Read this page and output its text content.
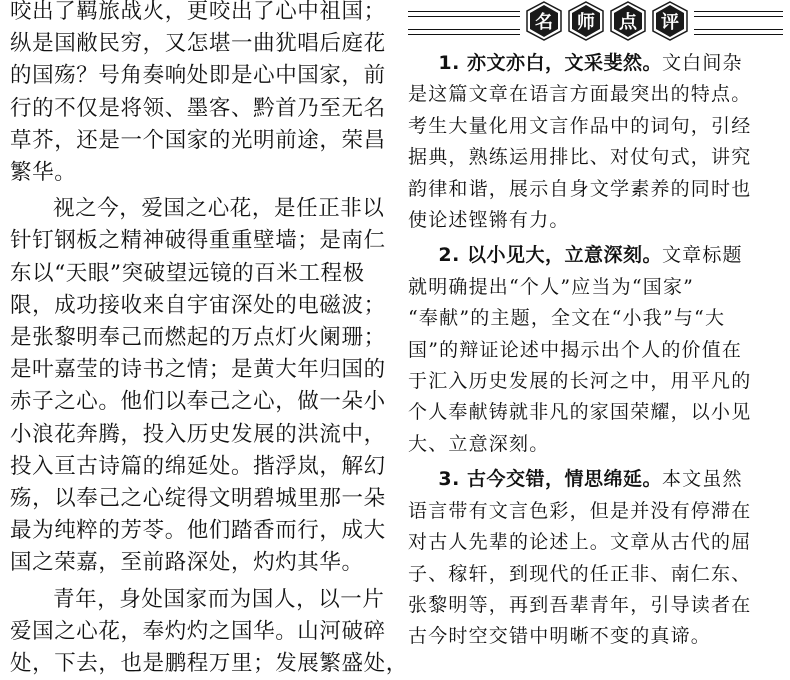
咬出了羁旅战火，更咬出了心中祖国；
纵是国敝民穷，又怎堪一曲犹唱后庭花
的国殇？号角奏响处即是心中国家，前
行的不仅是将领、墨客、黔首乃至无名
草芥，还是一个国家的光明前途，荣昌
繁华。

视之今，爱国之心花，是任正非以
针钉钢板之精神破得重重壁墙；是南仁
东以“天眼”突破望远镜的百米工程极
限，成功接收来自宇宙深处的电磁波；
是张黎明奉己而燃起的万点灯火阑珊；
是叶嘉莹的诗书之情；是黄大年归国的
赤子之心。他们以奉己之心，做一朵小
小浪花奔腾，投入历史发展的洪流中，
投入亘古诗篇的绵延处。揩浮岚，解幻
殇，以奉己之心绽得文明碧城里那一朵
最为纯粹的芳苓。他们踏香而行，成大
国之荣嘉，至前路深处，灼灼其华。

青年，身处国家而为国人，以一片
爱国之心花，奉灼灼之国华。山河破碎
处，下去，也是鹏程万里；发展繁盛处，

名 师 点 评

1. 亦文亦白，文采斐然。文白间杂
是这篇文章在语言方面最突出的特点。
考生大量化用文言作品中的词句，引经
据典，熟练运用排比、对仗句式，讲究
韵律和谐，展示自身文学素养的同时也
使论述铿锵有力。

2. 以小见大，立意深刻。文章标题
就明确提出“个人”应当为“国家”
“奉献”的主题，全文在“小我”与“大
国”的辩证论述中揭示出个人的价值在
于汇入历史发展的长河之中，用平凡的
个人奉献铸就非凡的家国荣耀，以小见
大、立意深刻。

3. 古今交错，情思绵延。本文虽然
语言带有文言色彩，但是并没有停滞在
对古人先辈的论述上。文章从古代的屈
子、稼轩，到现代的任正非、南仁东、
张黎明等，再到吾辈青年，引导读者在
古今时空交错中明晰不变的真谛。
